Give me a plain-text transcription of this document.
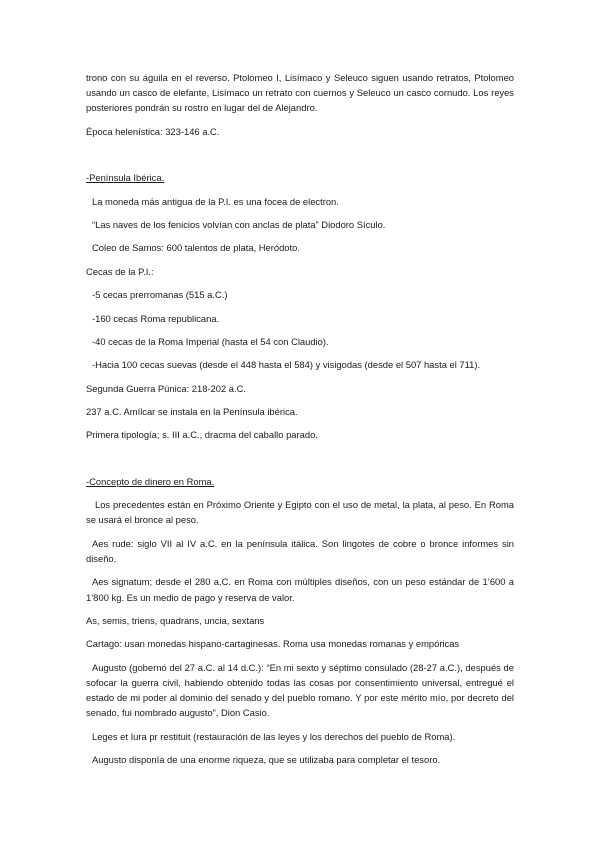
trono con su águila en el reverso. Ptolomeo I, Lisímaco y Seleuco siguen usando retratos, Ptolomeo usando un casco de elefante, Lisímaco un retrato con cuernos y Seleuco un casco cornudo. Los reyes posteriores pondrán su rostro en lugar del de Alejandro.

Época helenística: 323-146 a.C.

-Península Ibérica.

La moneda más antigua de la P.I. es una focea de electron.

“Las naves de los fenicios volvían con anclas de plata” Diodoro Sículo.

Coleo de Samos: 600 talentos de plata, Heródoto.

Cecas de la P.I.:

-5 cecas prerromanas (515 a.C.)

-160 cecas Roma republicana.

-40 cecas de la Roma Imperial (hasta el 54 con Claudio).

-Hacia 100 cecas suevas (desde el 448 hasta el 584) y visigodas (desde el 507 hasta el 711).

Segunda Guerra Púnica: 218-202 a.C.

237 a.C. Amílcar se instala en la Península ibérica.

Primera tipología; s. III a.C., dracma del caballo parado.

-Concepto de dinero en Roma.

Los precedentes están en Próximo Oriente y Egipto con el uso de metal, la plata, al peso. En Roma se usará el bronce al peso.

Aes rude: siglo VII al IV a.C. en la península itálica. Son lingotes de cobre o bronce informes sin diseño.

Aes signatum; desde el 280 a.C. en Roma con múltiples diseños, con un peso estándar de 1’600 a 1’800 kg. Es un medio de pago y reserva de valor.

As, semis, triens, quadrans, uncia, sextans

Cartago: usan monedas hispano-cartaginesas. Roma usa monedas romanas y empóricas

Augusto (gobernó del 27 a.C. al 14 d.C.): “En mi sexto y séptimo consulado (28-27 a.C.), después de sofocar la guerra civil, habiendo obtenido todas las cosas por consentimiento universal, entregué el estado de mi poder al dominio del senado y del pueblo romano. Y por este mérito mío, por decreto del senado, fui nombrado augusto”, Dion Casio.

Leges et Iura pr restituit (restauración de las leyes y los derechos del pueblo de Roma).

Augusto disponía de una enorme riqueza, que se utilizaba para completar el tesoro.
